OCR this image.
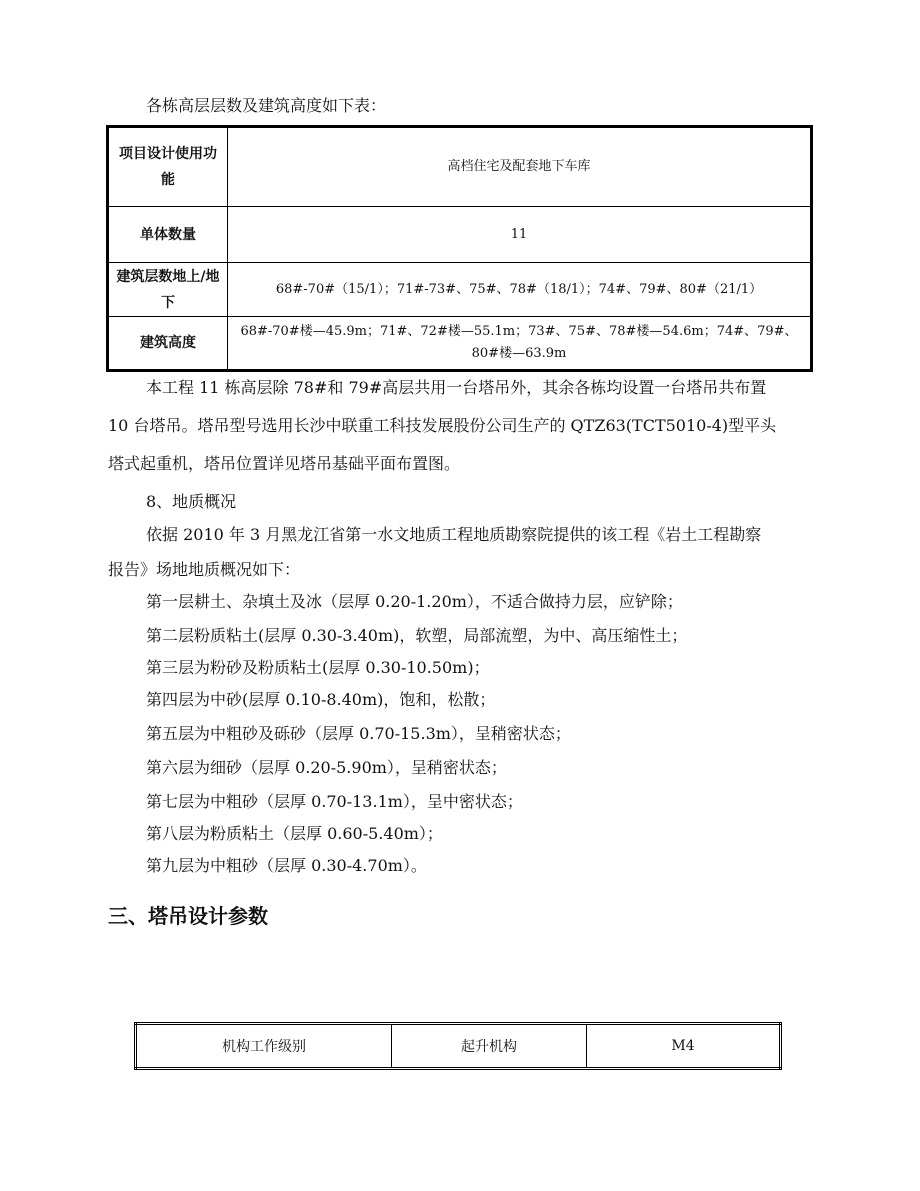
各栋高层层数及建筑高度如下表：
项目设计使用功能	高档住宅及配套地下车库
单体数量	11
建筑层数地上/地下	68#-70#（15/1）；71#-73#、75#、78#（18/1）；74#、79#、80#（21/1）
建筑高度	68#-70#楼—45.9m；71#、72#楼—55.1m；73#、75#、78#楼—54.6m；74#、79#、80#楼—63.9m
本工程 11 栋高层除 78#和 79#高层共用一台塔吊外，其余各栋均设置一台塔吊共布置
10 台塔吊。塔吊型号选用长沙中联重工科技发展股份公司生产的 QTZ63(TCT5010-4)型平头
塔式起重机，塔吊位置详见塔吊基础平面布置图。
8、地质概况
依据 2010 年 3 月黑龙江省第一水文地质工程地质勘察院提供的该工程《岩土工程勘察
报告》场地地质概况如下：
第一层耕土、杂填土及冰（层厚 0.20-1.20m），不适合做持力层，应铲除；
第二层粉质粘土(层厚 0.30-3.40m)，软塑，局部流塑，为中、高压缩性土；
第三层为粉砂及粉质粘土(层厚 0.30-10.50m)；
第四层为中砂(层厚 0.10-8.40m)，饱和，松散；
第五层为中粗砂及砾砂（层厚 0.70-15.3m），呈稍密状态；
第六层为细砂（层厚 0.20-5.90m），呈稍密状态；
第七层为中粗砂（层厚 0.70-13.1m），呈中密状态；
第八层为粉质粘土（层厚 0.60-5.40m）；
第九层为中粗砂（层厚 0.30-4.70m）。
三、塔吊设计参数
机构工作级别	起升机构	M4
